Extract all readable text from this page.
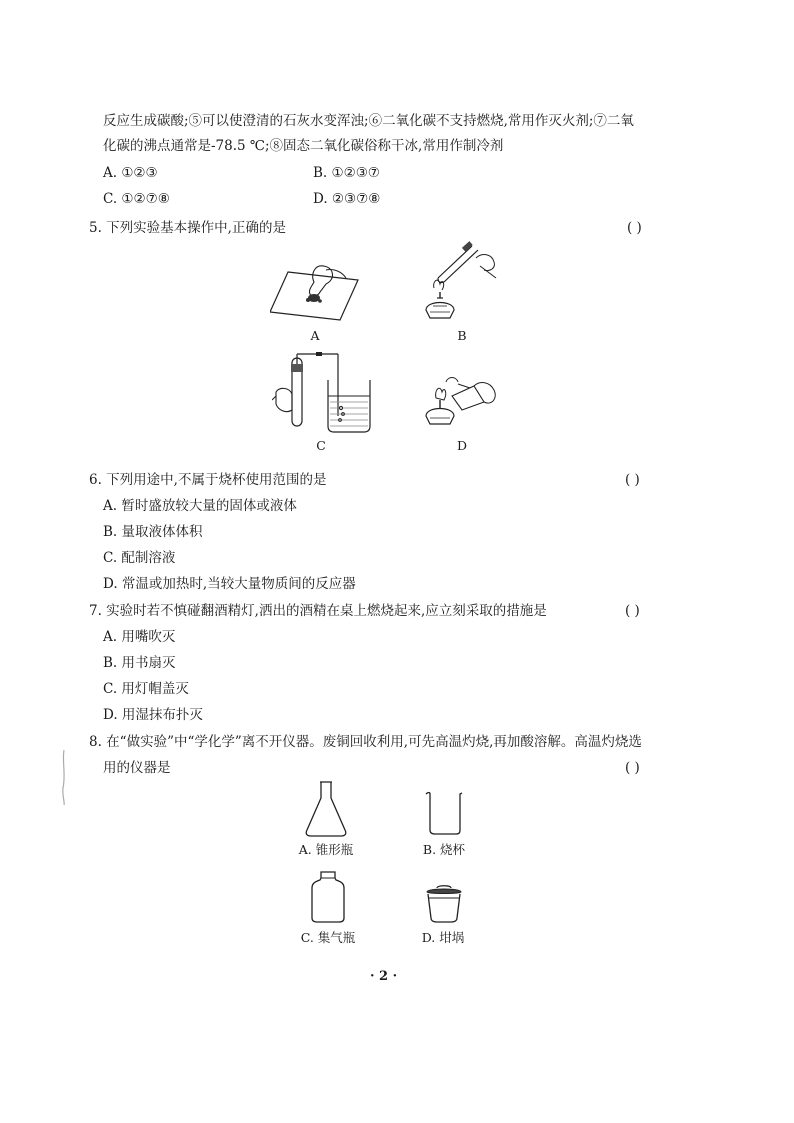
反应生成碳酸;⑤可以使澄清的石灰水变浑浊;⑥二氧化碳不支持燃烧,常用作灭火剂;⑦二氧
化碳的沸点通常是-78.5 ℃;⑧固态二氧化碳俗称干冰,常用作制冷剂
A. ①②③	B. ①②③⑦
C. ①②⑦⑧	D. ②③⑦⑧
5. 下列实验基本操作中,正确的是	( )
A	B
C	D
6. 下列用途中,不属于烧杯使用范围的是	( )
A. 暂时盛放较大量的固体或液体
B. 量取液体体积
C. 配制溶液
D. 常温或加热时,当较大量物质间的反应器
7. 实验时若不慎碰翻酒精灯,洒出的酒精在桌上燃烧起来,应立刻采取的措施是	( )
A. 用嘴吹灭
B. 用书扇灭
C. 用灯帽盖灭
D. 用湿抹布扑灭
8. 在“做实验”中“学化学”离不开仪器。废铜回收利用,可先高温灼烧,再加酸溶解。高温灼烧选
用的仪器是	( )
A. 锥形瓶	B. 烧杯
C. 集气瓶	D. 坩埚
· 2 ·
